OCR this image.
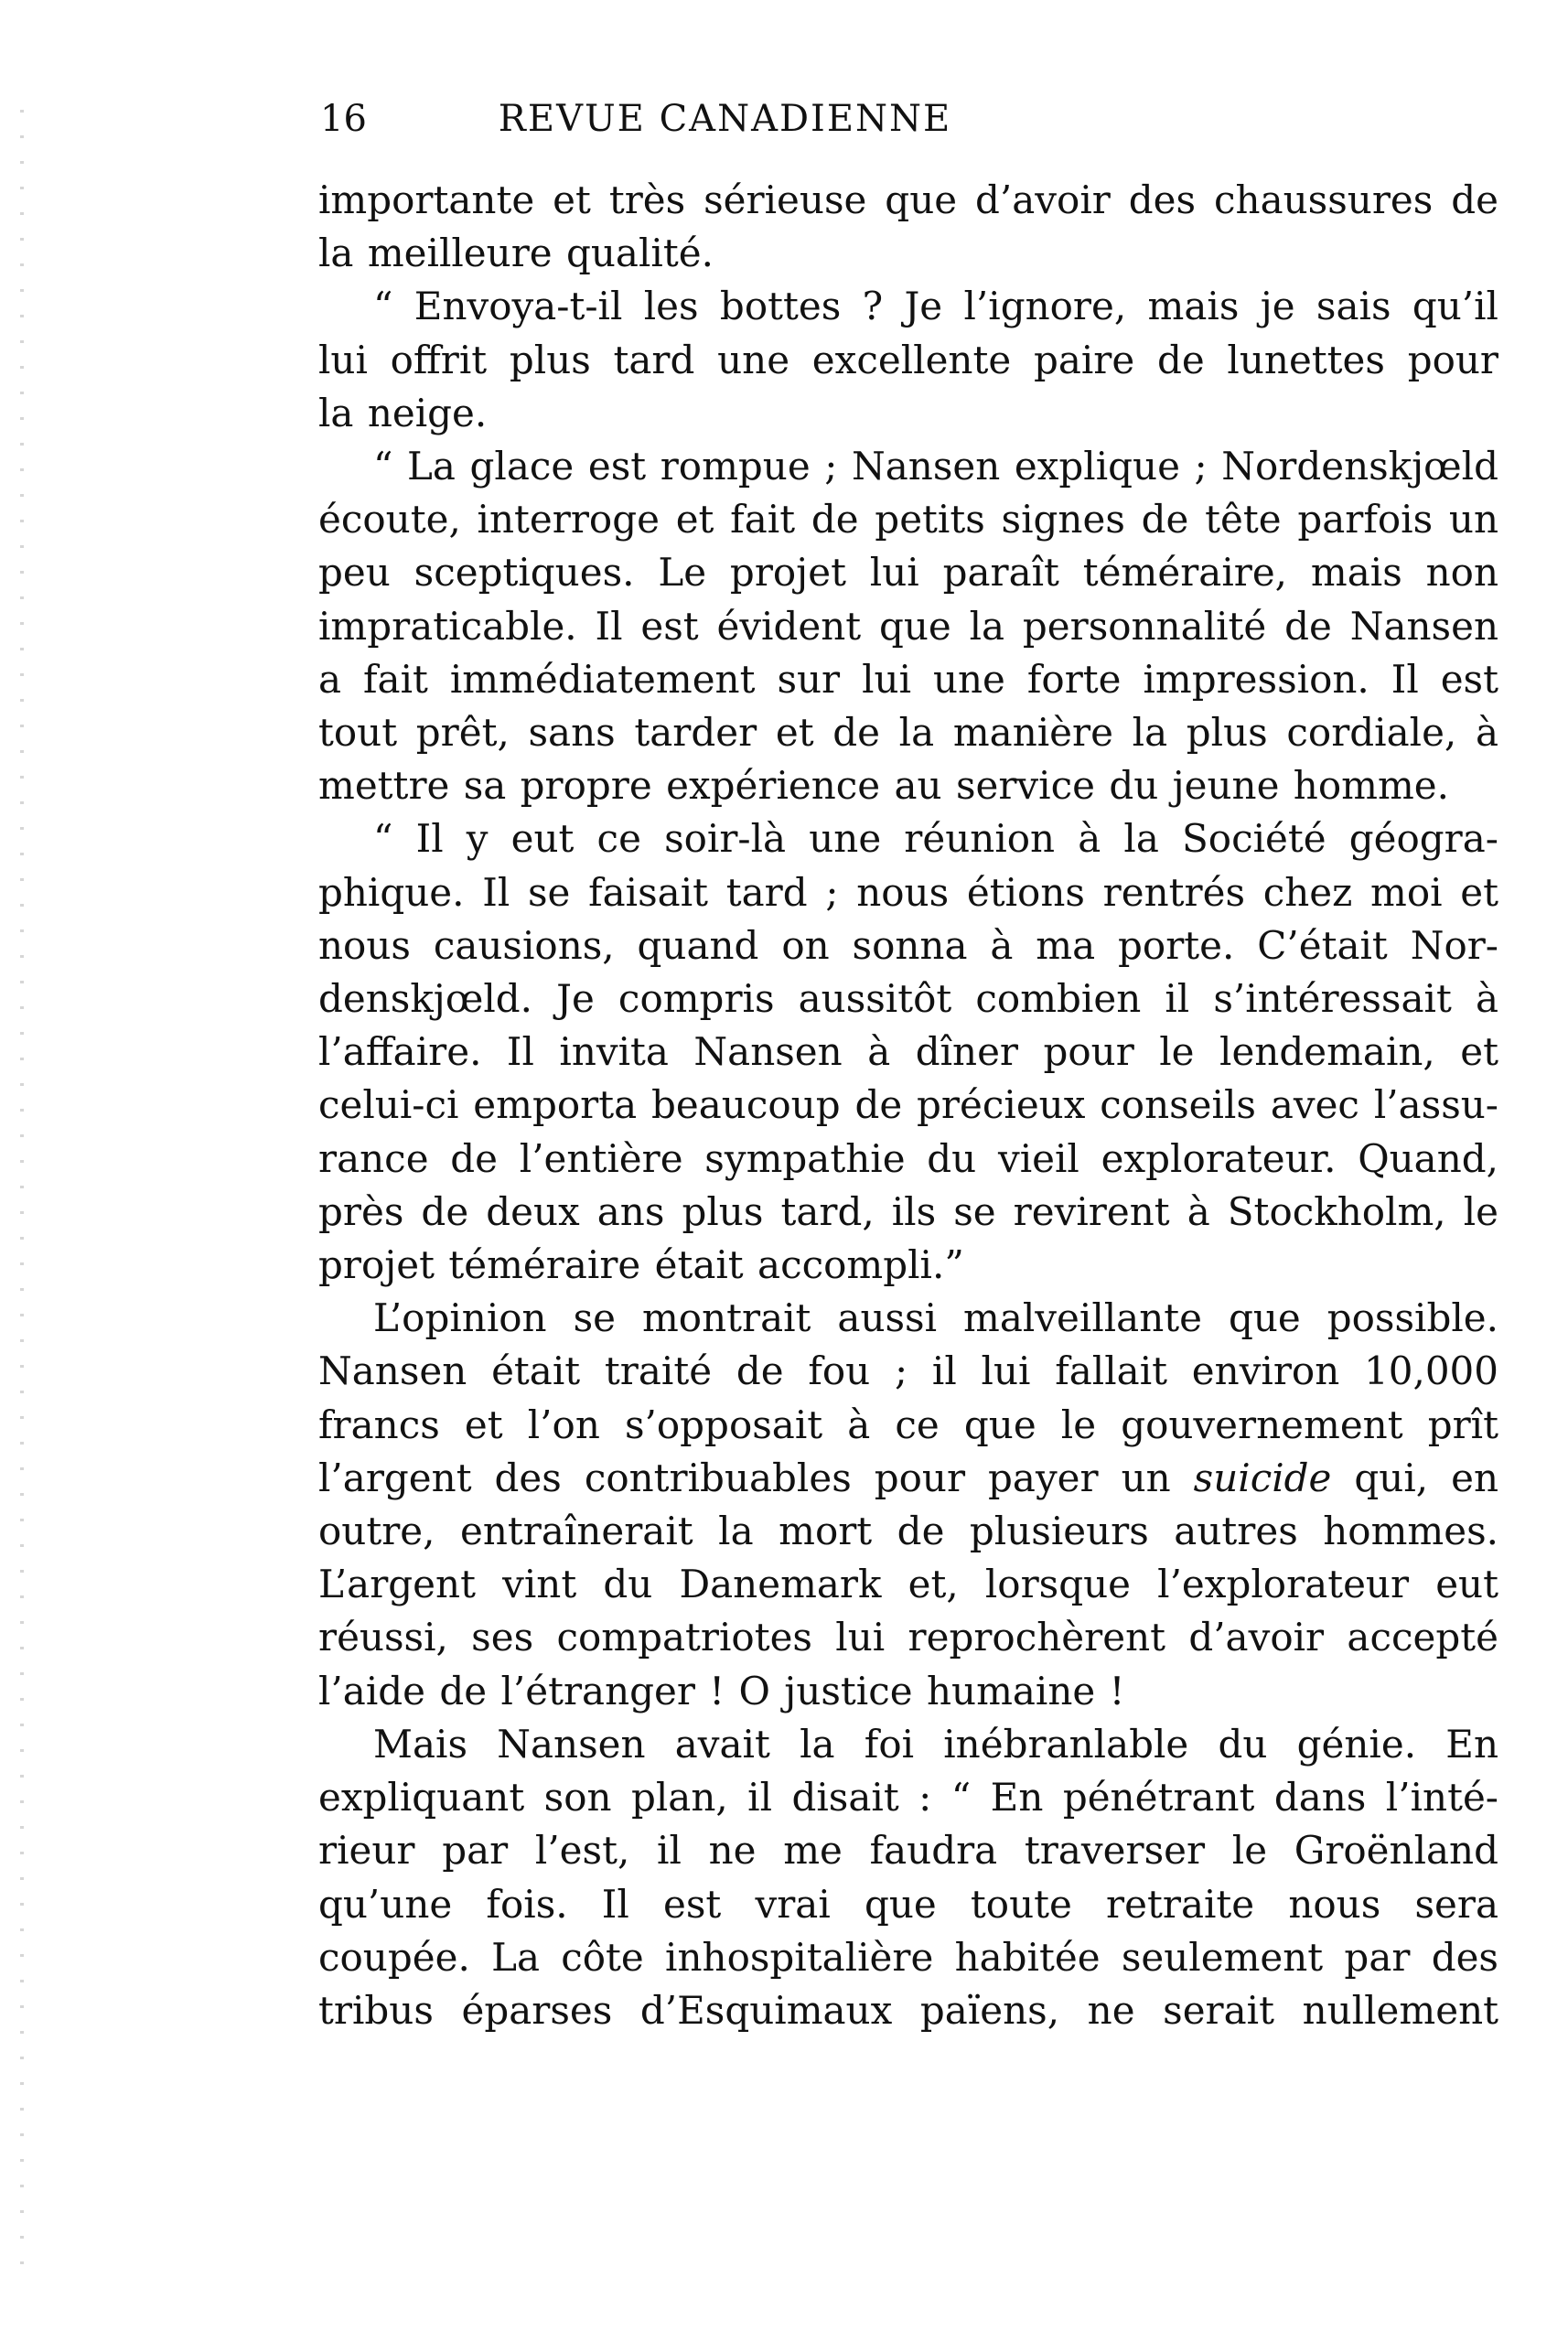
16	REVUE CANADIENNE

importante et très sérieuse que d’avoir des chaussures de
la meilleure qualité.

“ Envoya-t-il les bottes ? Je l’ignore, mais je sais qu’il
lui offrit plus tard une excellente paire de lunettes pour
la neige.

“ La glace est rompue ; Nansen explique ; Nordenskjœld
écoute, interroge et fait de petits signes de tête parfois un
peu sceptiques. Le projet lui paraît téméraire, mais non
impraticable. Il est évident que la personnalité de Nansen
a fait immédiatement sur lui une forte impression. Il est
tout prêt, sans tarder et de la manière la plus cordiale, à
mettre sa propre expérience au service du jeune homme.

“ Il y eut ce soir-là une réunion à la Société géogra-
phique. Il se faisait tard ; nous étions rentrés chez moi et
nous causions, quand on sonna à ma porte. C’était Nor-
denskjœld. Je compris aussitôt combien il s’intéressait à
l’affaire. Il invita Nansen à dîner pour le lendemain, et
celui-ci emporta beaucoup de précieux conseils avec l’assu-
rance de l’entière sympathie du vieil explorateur. Quand,
près de deux ans plus tard, ils se revirent à Stockholm, le
projet téméraire était accompli.”

L’opinion se montrait aussi malveillante que possible.
Nansen était traité de fou ; il lui fallait environ 10,000
francs et l’on s’opposait à ce que le gouvernement prît
l’argent des contribuables pour payer un suicide qui, en
outre, entraînerait la mort de plusieurs autres hommes.
L’argent vint du Danemark et, lorsque l’explorateur eut
réussi, ses compatriotes lui reprochèrent d’avoir accepté
l’aide de l’étranger ! O justice humaine !

Mais Nansen avait la foi inébranlable du génie. En
expliquant son plan, il disait : “ En pénétrant dans l’inté-
rieur par l’est, il ne me faudra traverser le Groënland
qu’une fois. Il est vrai que toute retraite nous sera
coupée. La côte inhospitalière habitée seulement par des
tribus éparses d’Esquimaux païens, ne serait nullement
